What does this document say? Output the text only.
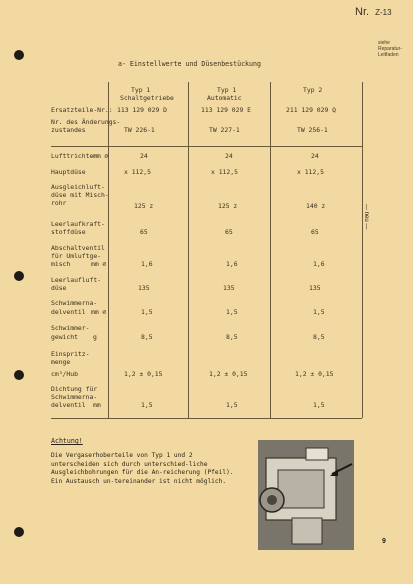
Nr. Z-13
siehe Reparatur-Leitfaden
a- Einstellwerte und Düsenbestückung
Typ 1
Schaltgetriebe
Typ 1
Automatic
Typ 2
Ersatzteile-Nr.: 113 129 029 D	113 129 029 E	211 129 029 Q
Nr. des Änderungs-
zustandes	TW 226-1	TW 227-1	TW 256-1
Lufttrichter
mm ∅	24	24	24
Hauptdüse	x 112,5	x 112,5	x 112,5
Ausgleichluft-
düse mit Misch-
rohr	125 z	125 z	140 z
Leerlaufkraft-
stoffdüse	65	65	65
Abschaltventil
für Umluftge-
misch	mm ∅	1,6	1,6	1,6
Leerlaufluft-
düse	135	135	135
Schwimmerna-
delventil mm ∅	1,5	1,5	1,5
Schwimmer-
gewicht g	8,5	8,5	8,5
Einspritz-
menge
cm³/Hub	1,2 ± 0,15	1,2 ± 0,15	1,2 ± 0,15
Dichtung für
Schwimmerna-
delventil mm	1,5	1,5	1,5
— neu —
Achtung!
Die Vergaserhoberteile von Typ 1 und 2 unterscheiden sich durch unterschied-liche Ausgleichbohrungen für die An-reicherung (Pfeil). Ein Austausch un-tereinander ist nicht möglich.
9
